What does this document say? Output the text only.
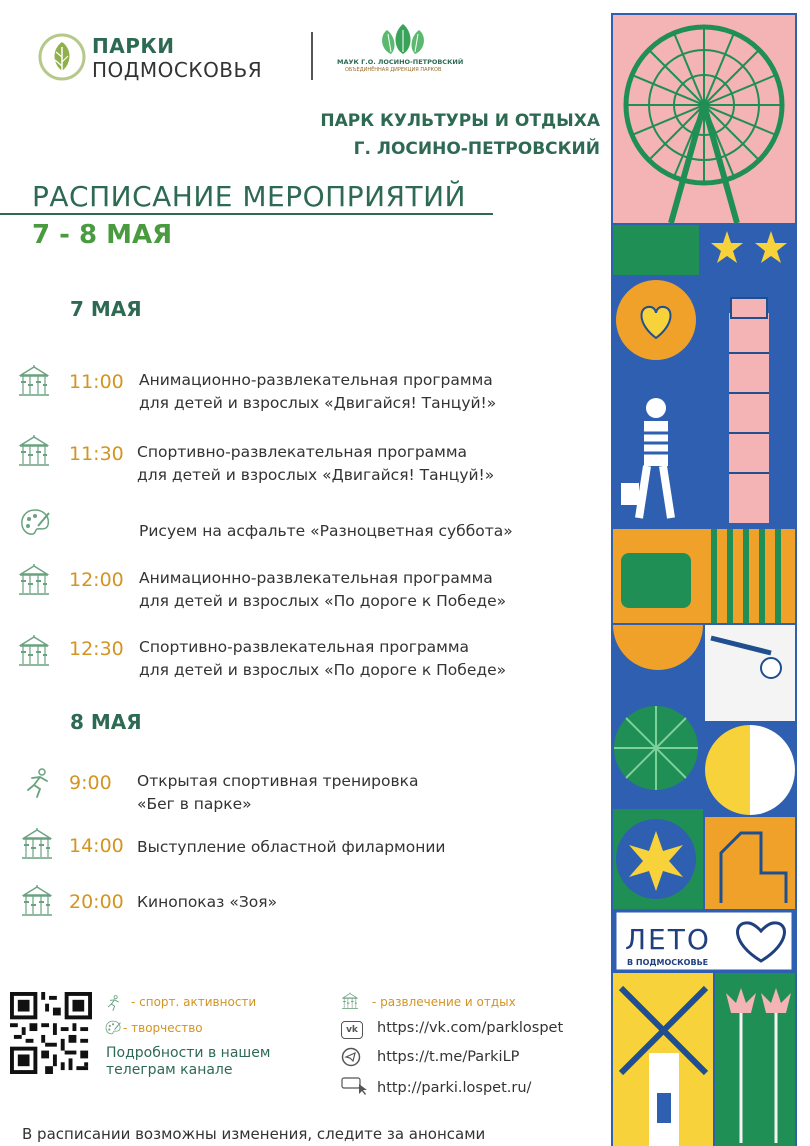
ПАРКИ
ПОДМОСКОВЬЯ	МАУК Г.О. ЛОСИНО-ПЕТРОВСКИЙ
ОБЪЕДИНЁННАЯ ДИРЕКЦИЯ ПАРКОВ
ПАРК КУЛЬТУРЫ И ОТДЫХА
Г. ЛОСИНО-ПЕТРОВСКИЙ
РАСПИСАНИЕ МЕРОПРИЯТИЙ
7 - 8 МАЯ
7 МАЯ
11:00 Анимационно-развлекательная программа
для детей и взрослых «Двигайся! Танцуй!»
11:30 Спортивно-развлекательная программа
для детей и взрослых «Двигайся! Танцуй!»
Рисуем на асфальте «Разноцветная суббота»
12:00 Анимационно-развлекательная программа
для детей и взрослых «По дороге к Победе»
12:30 Спортивно-развлекательная программа
для детей и взрослых «По дороге к Победе»
8 МАЯ
9:00	Открытая спортивная тренировка
«Бег в парке»
14:00 Выступление областной филармонии
20:00 Кинопоказ «Зоя»
- спорт. активности
- творчество
Подробности в нашем
телеграм канале
- развлечение и отдых
vk	https://vk.com/parklospet
https://t.me/ParkiLP
http://parki.lospet.ru/
В расписании возможны изменения, следите за анонсами
ЛЕТО
В ПОДМОСКОВЬЕ
